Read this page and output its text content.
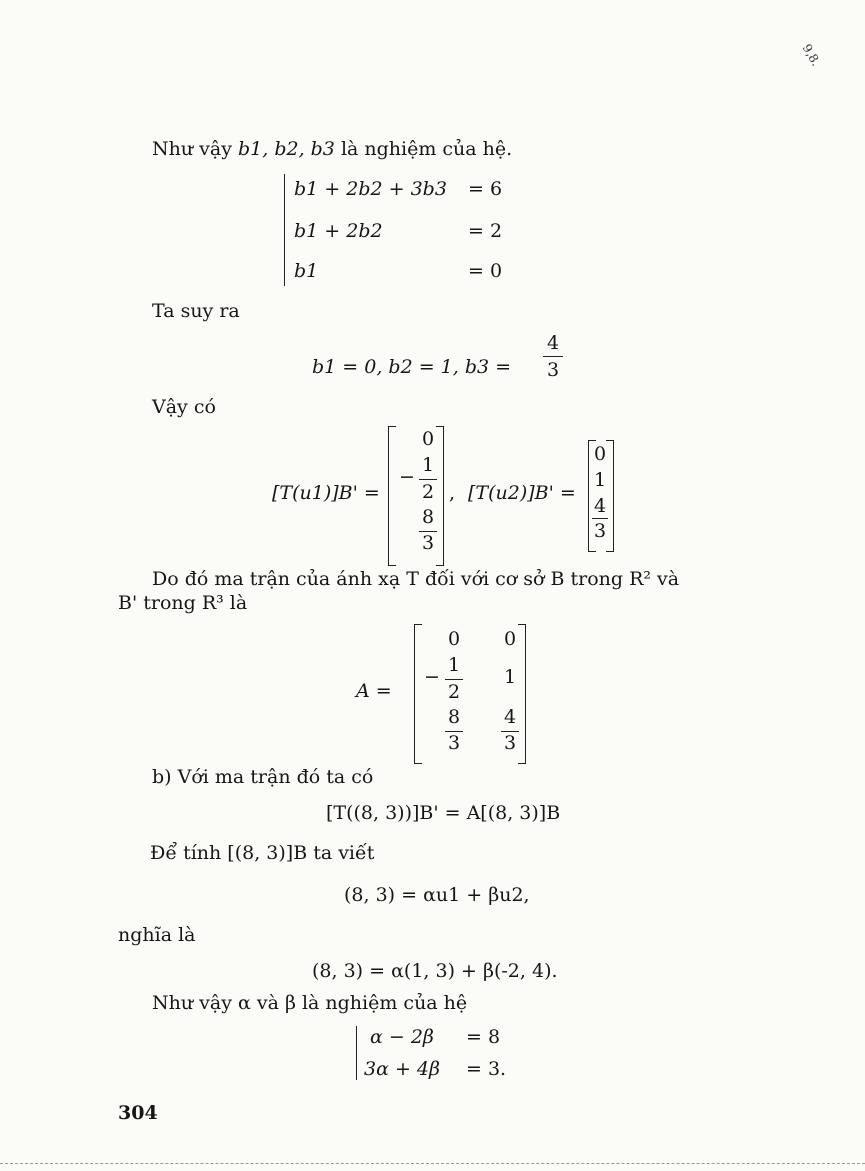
9,8.
Như vậy b1, b2, b3 là nghiệm của hệ.
b1 + 2b2 + 3b3 = 6
b1 + 2b2	= 2
b1	= 0
Ta suy ra
b1 = 0, b2 = 1, b3 =
4
3
Vậy có
[T(u1)]B' =
0
−
1
2
8
3
, [T(u2)]B' =
0
1
4
3
Do đó ma trận của ánh xạ T đối với cơ sở B trong R² và
B' trong R³ là
A =
0
−
1
2
8
3
0
1
4
3
b) Với ma trận đó ta có
[T((8, 3))]B' = A[(8, 3)]B
Để tính [(8, 3)]B ta viết
(8, 3) = αu1 + βu2,
nghĩa là
(8, 3) = α(1, 3) + β(-2, 4).
Như vậy α và β là nghiệm của hệ
α − 2β = 8
3α + 4β = 3.
304
